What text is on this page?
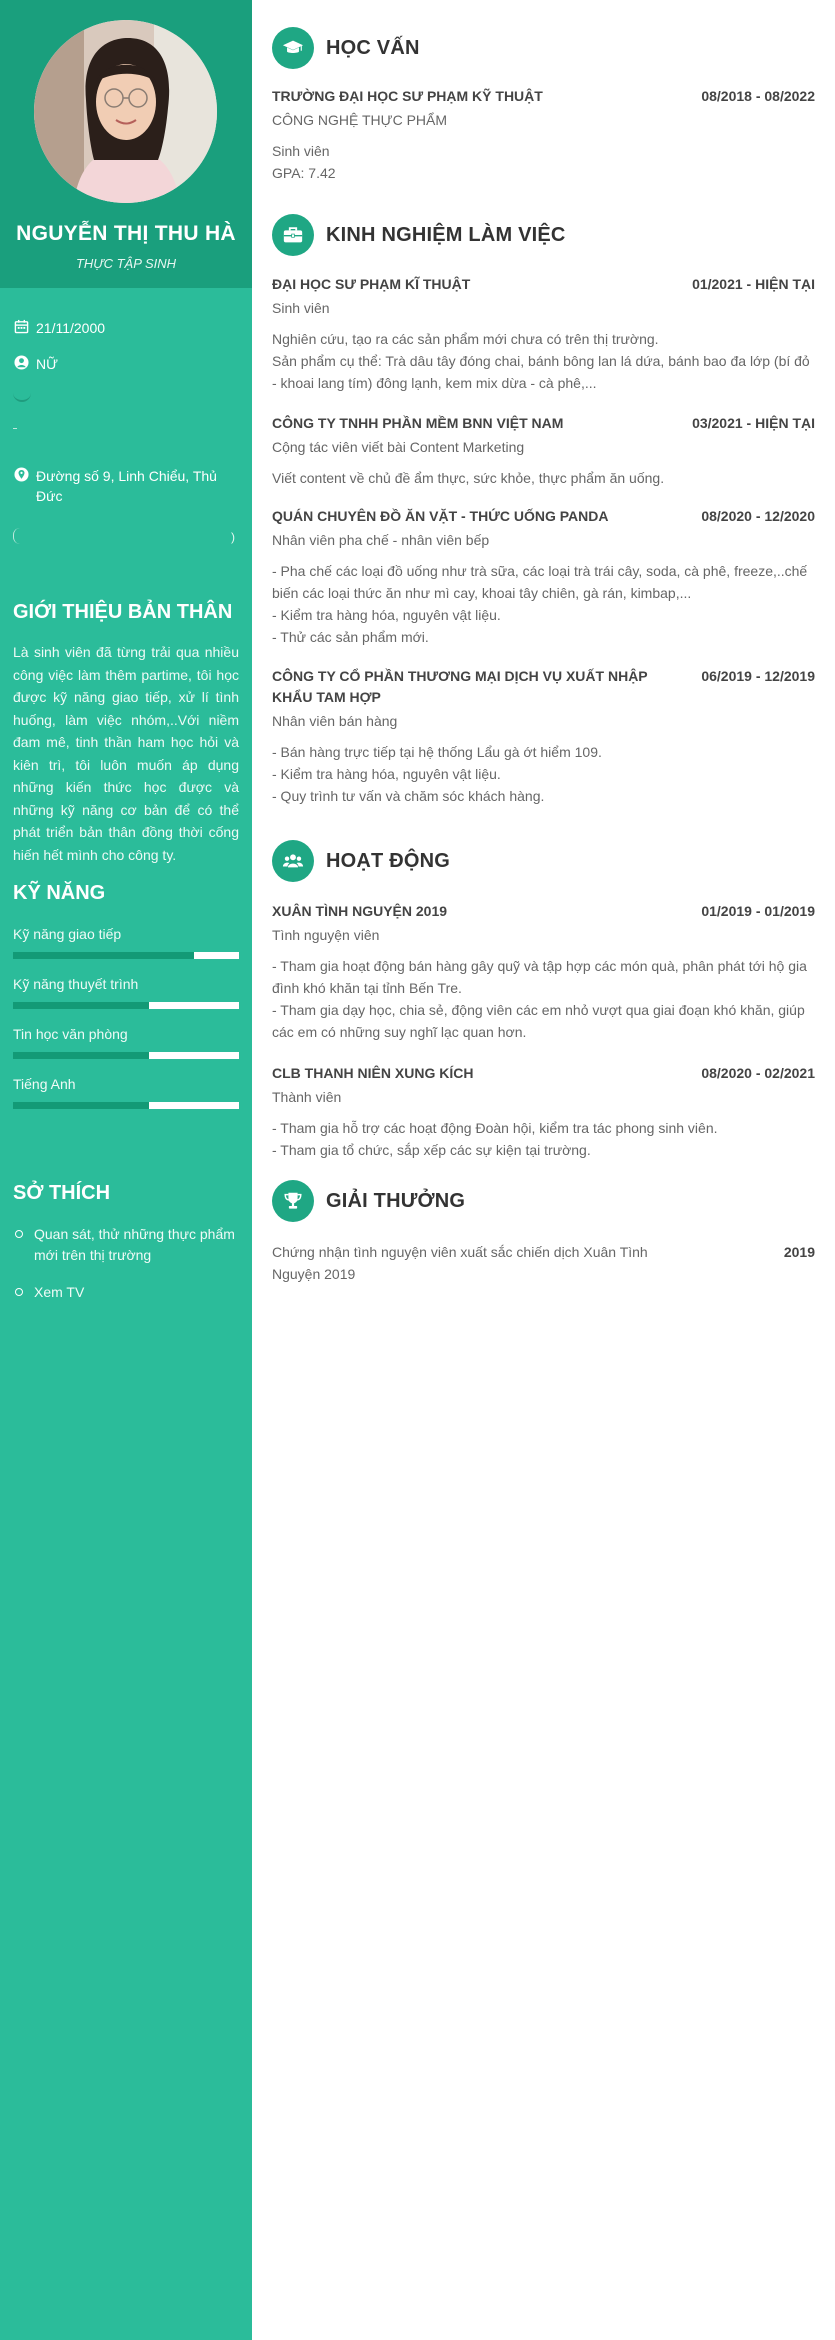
NGUYỄN THỊ THU HÀ
THỰC TẬP SINH
21/11/2000
NỮ
Đường số 9, Linh Chiểu, Thủ Đức
)
GIỚI THIỆU BẢN THÂN
Là sinh viên đã từng trải qua nhiều công việc làm thêm partime, tôi học được kỹ năng giao tiếp, xử lí tình huống, làm việc nhóm,..Với niềm đam mê, tinh thần ham học hỏi và kiên trì, tôi luôn muốn áp dụng những kiến thức học được và những kỹ năng cơ bản để có thể phát triển bản thân đồng thời cống hiến hết mình cho công ty.
KỸ NĂNG
Kỹ năng giao tiếp
Kỹ năng thuyết trình
Tin học văn phòng
Tiếng Anh
SỞ THÍCH
Quan sát, thử những thực phẩm mới trên thị trường
Xem TV
HỌC VẤN
TRƯỜNG ĐẠI HỌC SƯ PHẠM KỸ THUẬT	08/2018 - 08/2022
CÔNG NGHỆ THỰC PHẨM
Sinh viên
GPA: 7.42
KINH NGHIỆM LÀM VIỆC
ĐẠI HỌC SƯ PHẠM KĨ THUẬT	01/2021 - HIỆN TẠI
Sinh viên
Nghiên cứu, tạo ra các sản phẩm mới chưa có trên thị trường.
Sản phẩm cụ thể: Trà dâu tây đóng chai, bánh bông lan lá dứa, bánh bao đa lớp (bí đỏ - khoai lang tím) đông lạnh, kem mix dừa - cà phê,...
CÔNG TY TNHH PHẦN MỀM BNN VIỆT NAM	03/2021 - HIỆN TẠI
Cộng tác viên viết bài Content Marketing
Viết content về chủ đề ẩm thực, sức khỏe, thực phẩm ăn uống.
QUÁN CHUYÊN ĐỒ ĂN VẶT - THỨC UỐNG PANDA	08/2020 - 12/2020
Nhân viên pha chế - nhân viên bếp
- Pha chế các loại đồ uống như trà sữa, các loại trà trái cây, soda, cà phê, freeze,..chế biến các loại thức ăn như mì cay, khoai tây chiên, gà rán, kimbap,...
- Kiểm tra hàng hóa, nguyên vật liệu.
- Thử các sản phẩm mới.
CÔNG TY CỔ PHẦN THƯƠNG MẠI DỊCH VỤ XUẤT NHẬP KHẨU TAM HỢP
06/2019 - 12/2019
Nhân viên bán hàng
- Bán hàng trực tiếp tại hệ thống Lẩu gà ớt hiểm 109.
- Kiểm tra hàng hóa, nguyên vật liệu.
- Quy trình tư vấn và chăm sóc khách hàng.
HOẠT ĐỘNG
XUÂN TÌNH NGUYỆN 2019	01/2019 - 01/2019
Tình nguyện viên
- Tham gia hoạt động bán hàng gây quỹ và tập hợp các món quà, phân phát tới hộ gia đình khó khăn tại tỉnh Bến Tre.
- Tham gia dạy học, chia sẻ, động viên các em nhỏ vượt qua giai đoạn khó khăn, giúp các em có những suy nghĩ lạc quan hơn.
CLB THANH NIÊN XUNG KÍCH	08/2020 - 02/2021
Thành viên
- Tham gia hỗ trợ các hoạt động Đoàn hội, kiểm tra tác phong sinh viên.
- Tham gia tổ chức, sắp xếp các sự kiện tại trường.
GIẢI THƯỞNG
Chứng nhận tình nguyện viên xuất sắc chiến dịch Xuân Tình Nguyện 2019
2019
